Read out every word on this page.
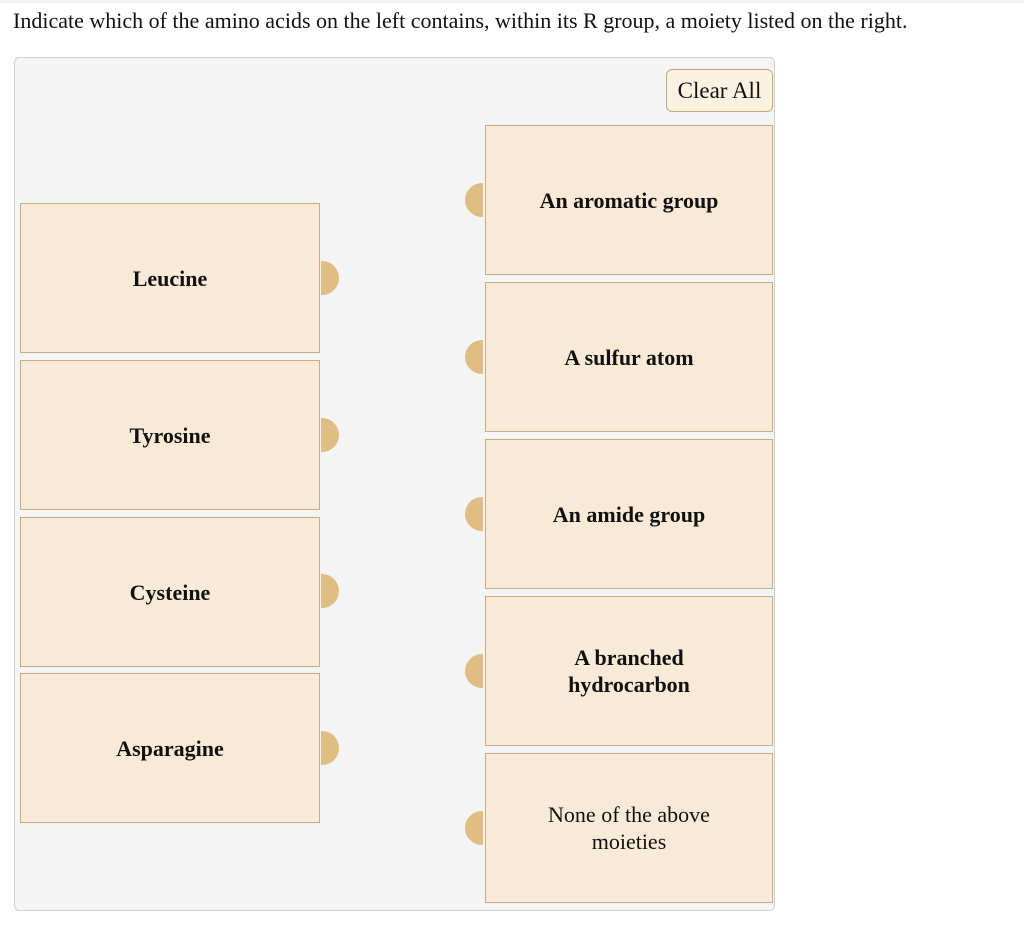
Indicate which of the amino acids on the left contains, within its R group, a moiety listed on the right.
Clear All
Leucine
Tyrosine
Cysteine
Asparagine
An aromatic group
A sulfur atom
An amide group
A branched hydrocarbon
None of the above moieties
